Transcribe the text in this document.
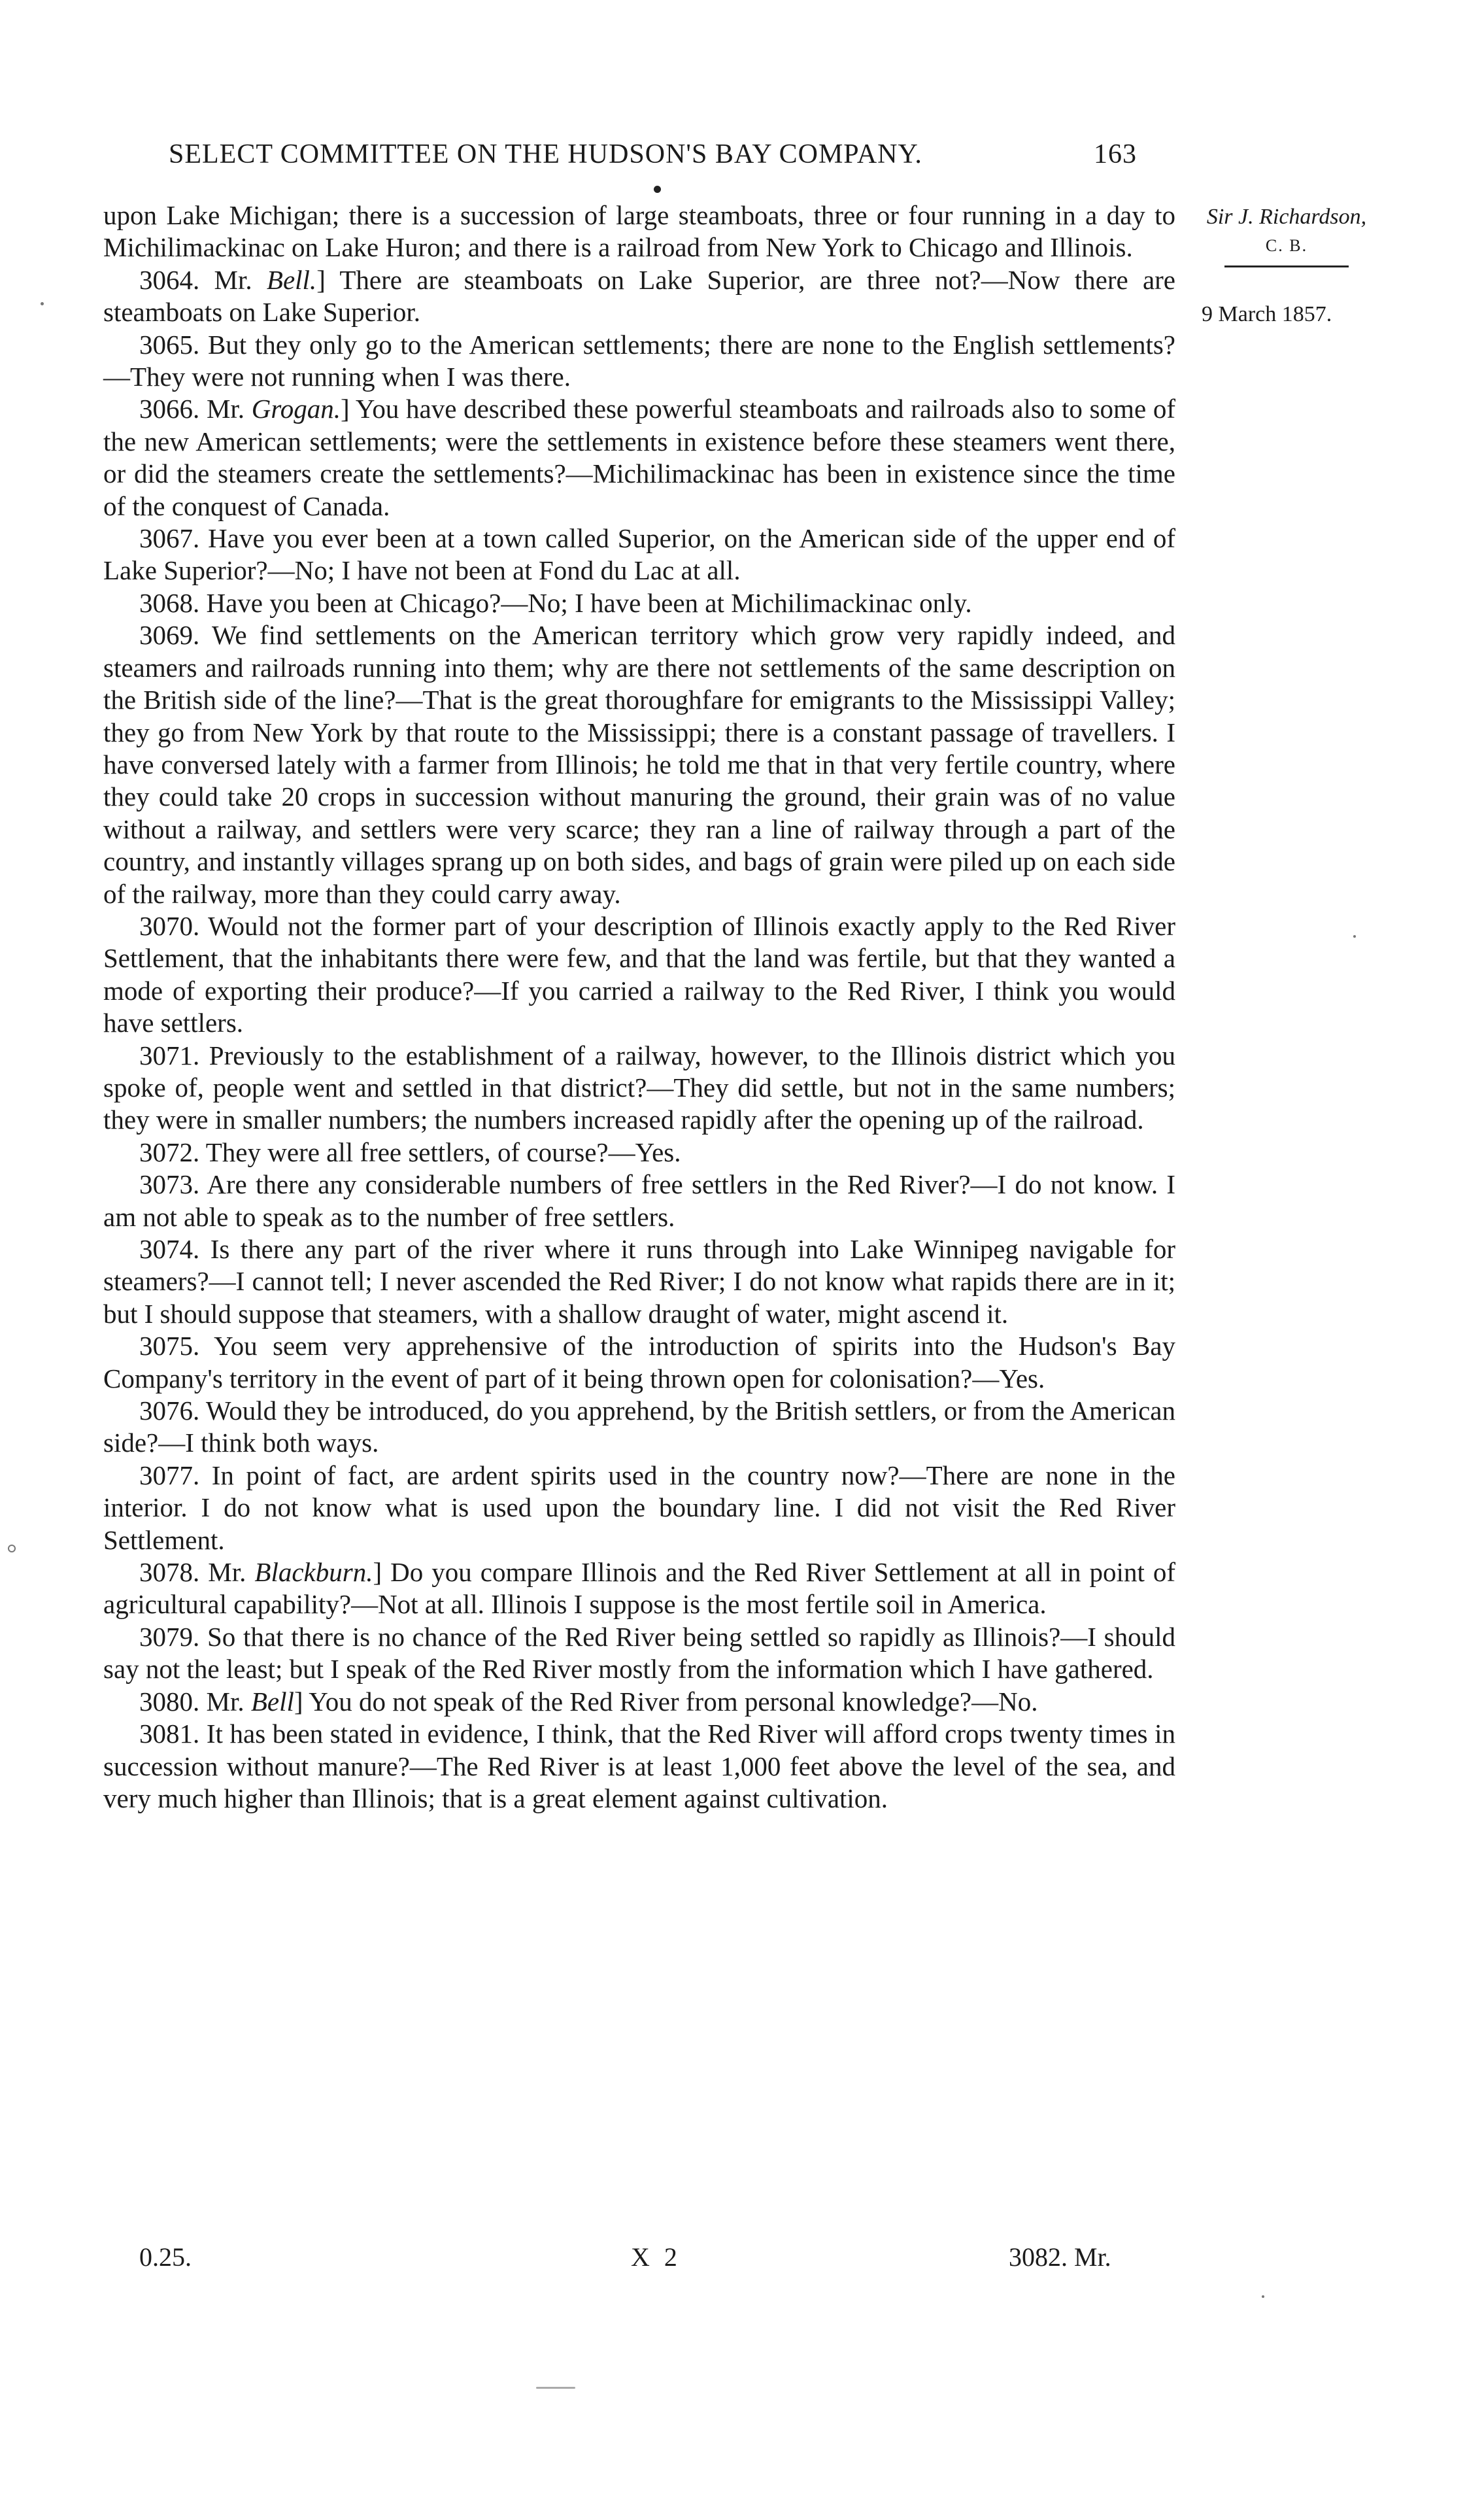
SELECT COMMITTEE ON THE HUDSON'S BAY COMPANY.	163
Sir J. Richardson,
C. B.
9 March 1857.

upon Lake Michigan; there is a succession of large steamboats, three or four running in a day to Michilimackinac on Lake Huron; and there is a railroad from New York to Chicago and Illinois.

3064. Mr. Bell.] There are steamboats on Lake Superior, are three not?—Now there are steamboats on Lake Superior.

3065. But they only go to the American settlements; there are none to the English settlements?—They were not running when I was there.

3066. Mr. Grogan.] You have described these powerful steamboats and railroads also to some of the new American settlements; were the settlements in existence before these steamers went there, or did the steamers create the settlements?—Michilimackinac has been in existence since the time of the conquest of Canada.

3067. Have you ever been at a town called Superior, on the American side of the upper end of Lake Superior?—No; I have not been at Fond du Lac at all.

3068. Have you been at Chicago?—No; I have been at Michilimackinac only.

3069. We find settlements on the American territory which grow very rapidly indeed, and steamers and railroads running into them; why are there not settlements of the same description on the British side of the line?—That is the great thoroughfare for emigrants to the Mississippi Valley; they go from New York by that route to the Mississippi; there is a constant passage of travellers. I have conversed lately with a farmer from Illinois; he told me that in that very fertile country, where they could take 20 crops in succession without manuring the ground, their grain was of no value without a railway, and settlers were very scarce; they ran a line of railway through a part of the country, and instantly villages sprang up on both sides, and bags of grain were piled up on each side of the railway, more than they could carry away.

3070. Would not the former part of your description of Illinois exactly apply to the Red River Settlement, that the inhabitants there were few, and that the land was fertile, but that they wanted a mode of exporting their produce?—If you carried a railway to the Red River, I think you would have settlers.

3071. Previously to the establishment of a railway, however, to the Illinois district which you spoke of, people went and settled in that district?—They did settle, but not in the same numbers; they were in smaller numbers; the numbers increased rapidly after the opening up of the railroad.

3072. They were all free settlers, of course?—Yes.

3073. Are there any considerable numbers of free settlers in the Red River?—I do not know. I am not able to speak as to the number of free settlers.

3074. Is there any part of the river where it runs through into Lake Winnipeg navigable for steamers?—I cannot tell; I never ascended the Red River; I do not know what rapids there are in it; but I should suppose that steamers, with a shallow draught of water, might ascend it.

3075. You seem very apprehensive of the introduction of spirits into the Hudson's Bay Company's territory in the event of part of it being thrown open for colonisation?—Yes.

3076. Would they be introduced, do you apprehend, by the British settlers, or from the American side?—I think both ways.

3077. In point of fact, are ardent spirits used in the country now?—There are none in the interior. I do not know what is used upon the boundary line. I did not visit the Red River Settlement.

3078. Mr. Blackburn.] Do you compare Illinois and the Red River Settlement at all in point of agricultural capability?—Not at all. Illinois I suppose is the most fertile soil in America.

3079. So that there is no chance of the Red River being settled so rapidly as Illinois?—I should say not the least; but I speak of the Red River mostly from the information which I have gathered.

3080. Mr. Bell] You do not speak of the Red River from personal knowledge?—No.

3081. It has been stated in evidence, I think, that the Red River will afford crops twenty times in succession without manure?—The Red River is at least 1,000 feet above the level of the sea, and very much higher than Illinois; that is a great element against cultivation.

0.25.	X 2	3082. Mr.
